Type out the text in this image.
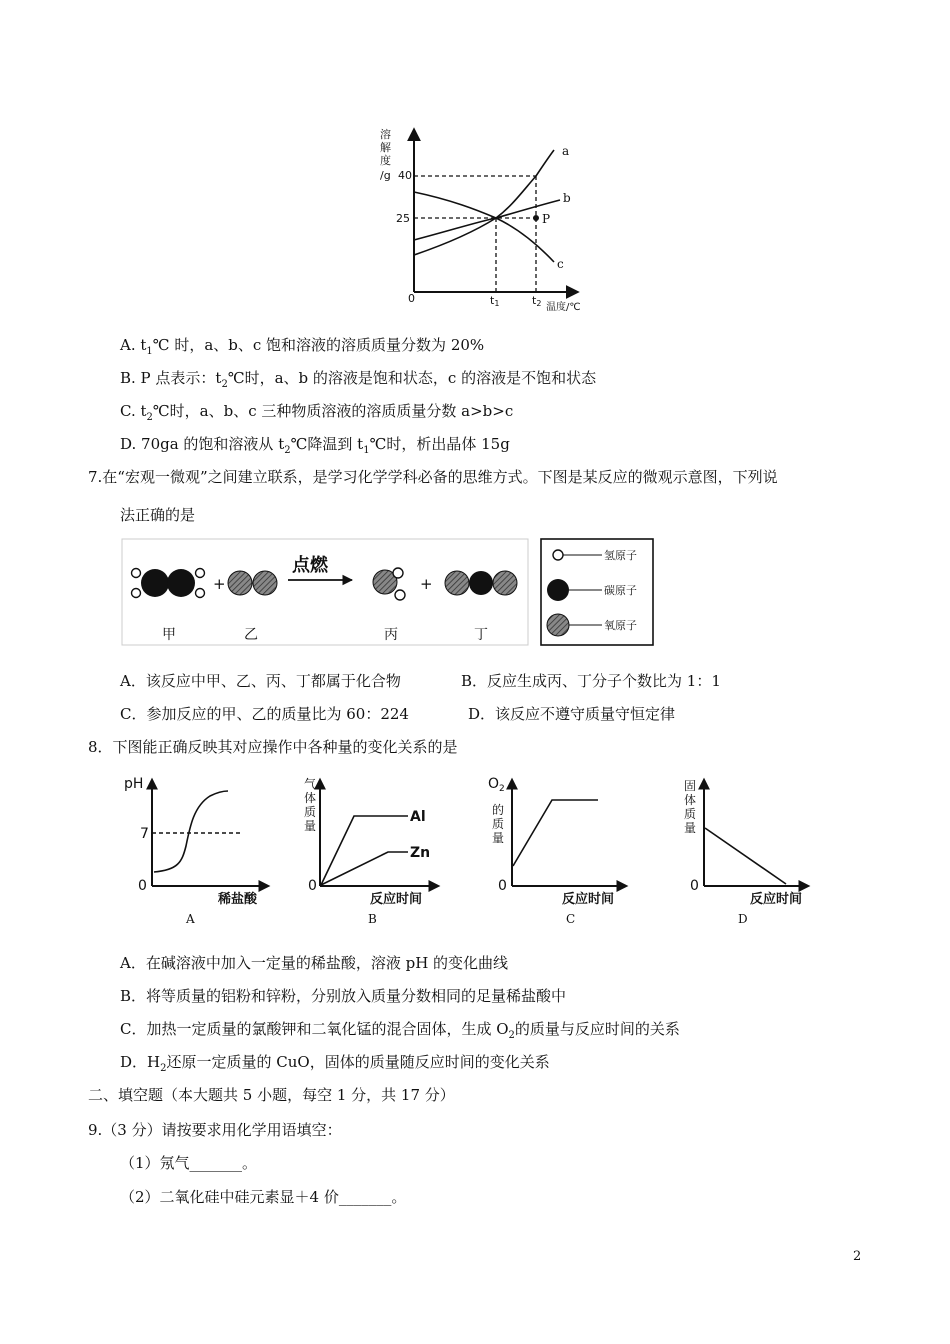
溶
解
度
/g 40
25
0
a
b
c
P
t1	t2 温度/℃
A. $t_1℃$ 时，a、b、c 饱和溶液的溶质质量分数为 20%
B. P 点表示：$t_2℃$时，a、b 的溶液是饱和状态，c 的溶液是不饱和状态
C. $t_2℃$时，a、b、c 三种物质溶液的溶质质量分数 a>b>c
D. 70ga 的饱和溶液从 $t_2℃$降温到 $t_1℃$时，析出晶体 15g
7.在“宏观一微观”之间建立联系，是学习化学学科必备的思维方式。下图是某反应的微观示意图，下列说
法正确的是
+
点燃
+
甲	乙	丙	丁
氢原子
碳原子
氧原子
A．该反应中甲、乙、丙、丁都属于化合物	B．反应生成丙、丁分子个数比为 1：1
C．参加反应的甲、乙的质量比为 60：224	D．该反应不遵守质量守恒定律
8．下图能正确反映其对应操作中各种量的变化关系的是
pH
7
0
稀盐酸
A
气
体
质
量
0
Al
Zn
反应时间
B
$O_2$
的
质
量
0
反应时间
C
固
体
质
量
0
反应时间
D
A．在碱溶液中加入一定量的稀盐酸，溶液 pH 的变化曲线
B．将等质量的铝粉和锌粉，分别放入质量分数相同的足量稀盐酸中
C．加热一定质量的氯酸钾和二氧化锰的混合固体，生成 $O_2$的质量与反应时间的关系
D．$H_2$还原一定质量的 CuO，固体的质量随反应时间的变化关系
二、填空题（本大题共 5 小题，每空 1 分，共 17 分）
9.（3 分）请按要求用化学用语填空：
（1）氖气_______。
（2）二氧化硅中硅元素显＋4 价_______。
2
